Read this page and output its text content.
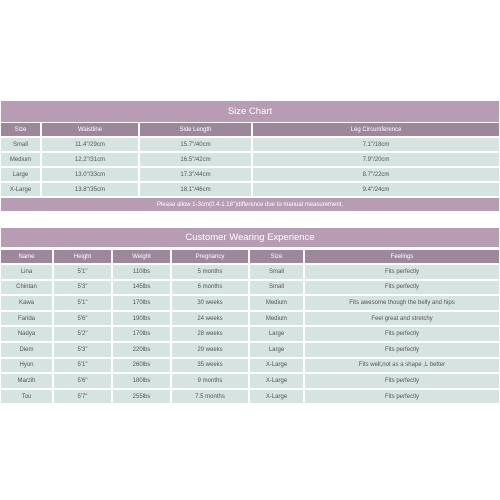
Size Chart
Size	Waistline	Side Length	Leg Circumference
Small	11.4"/29cm	15.7"/40cm	7.1"/18cm
Medium	12.2"/31cm	16.5"/42cm	7.9"/20cm
Large	13.0"/33cm	17.3"/44cm	8.7"/22cm
X-Large	13.8"/35cm	18.1"/46cm	9.4"/24cm
Please allow 1-3cm(0.4-1.18")difference due to manual measurement.
Customer Wearing Experience
Name	Height	Weight	Pregnancy	Size	Feelings
Lina	5'1"	110lbs	5 months	Small	Fits perfectly
Chintan	5'3"	145lbs	6 months	Small	Fits perfectly
Kawa	5'1"	170lbs	30 weeks	Medium	Fits awesome though the belly and hips
Farida	5'6"	190lbs	24 weeks	Medium	Feel great and stretchy
Nadya	5'2"	170lbs	28 weeks	Large	Fits perfectly
Diem	5'3"	220lbs	29 weeks	Large	Fits perfectly
Hyun	5'1"	260lbs	35 weeks	X-Large	Fits well,not as a shape ,L better
Marzih	5'6"	180lbs	9 months	X-Large	Fits perfectly
Tou	5'7"	255lbs	7.5 months	X-Large	Fits perfectly
